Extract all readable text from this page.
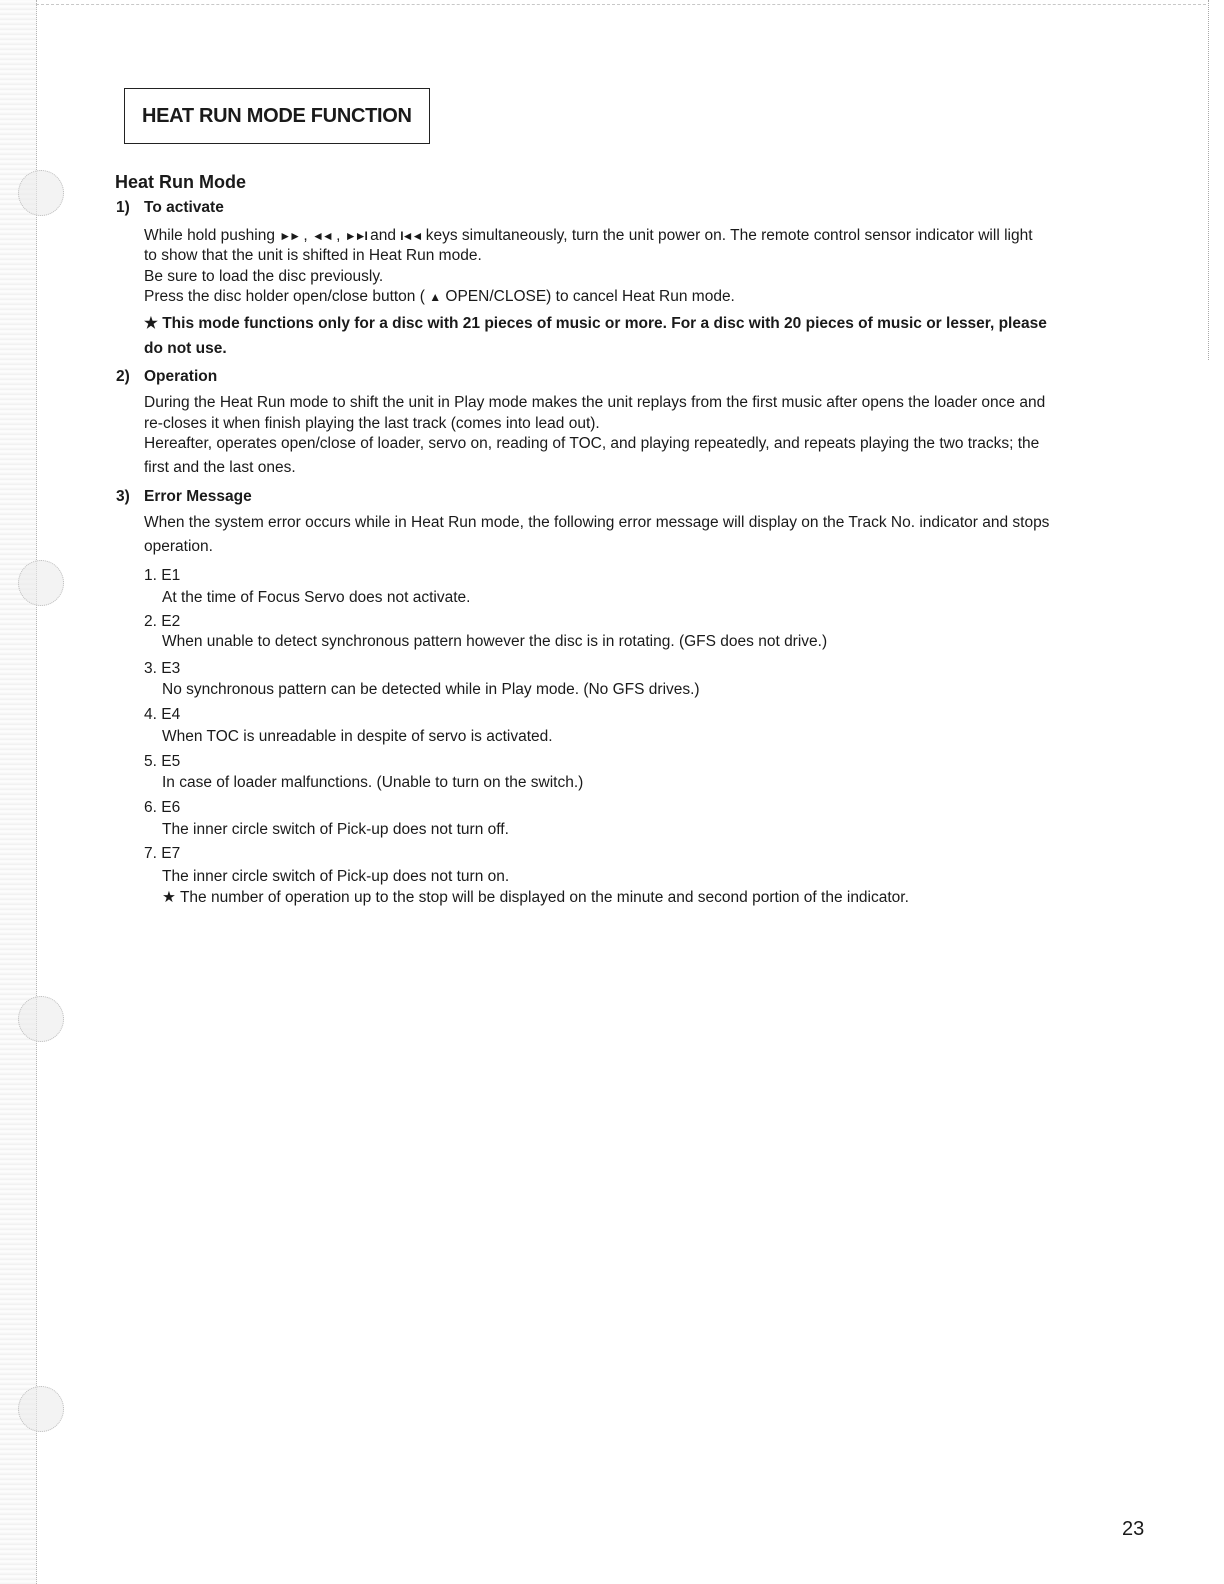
HEAT RUN MODE FUNCTION
Heat Run Mode
1) To activate
While hold pushing ►► , ◄◄ , ►►I and I◄◄ keys simultaneously, turn the unit power on. The remote control sensor indicator will light
to show that the unit is shifted in Heat Run mode.
Be sure to load the disc previously.
Press the disc holder open/close button ( ▲ OPEN/CLOSE) to cancel Heat Run mode.
★ This mode functions only for a disc with 21 pieces of music or more. For a disc with 20 pieces of music or lesser, please
do not use.
2) Operation
During the Heat Run mode to shift the unit in Play mode makes the unit replays from the first music after opens the loader once and
re-closes it when finish playing the last track (comes into lead out).
Hereafter, operates open/close of loader, servo on, reading of TOC, and playing repeatedly, and repeats playing the two tracks; the
first and the last ones.
3) Error Message
When the system error occurs while in Heat Run mode, the following error message will display on the Track No. indicator and stops
operation.
1. E1
At the time of Focus Servo does not activate.
2. E2
When unable to detect synchronous pattern however the disc is in rotating. (GFS does not drive.)
3. E3
No synchronous pattern can be detected while in Play mode. (No GFS drives.)
4. E4
When TOC is unreadable in despite of servo is activated.
5. E5
In case of loader malfunctions. (Unable to turn on the switch.)
6. E6
The inner circle switch of Pick-up does not turn off.
7. E7
The inner circle switch of Pick-up does not turn on.
★ The number of operation up to the stop will be displayed on the minute and second portion of the indicator.
23
